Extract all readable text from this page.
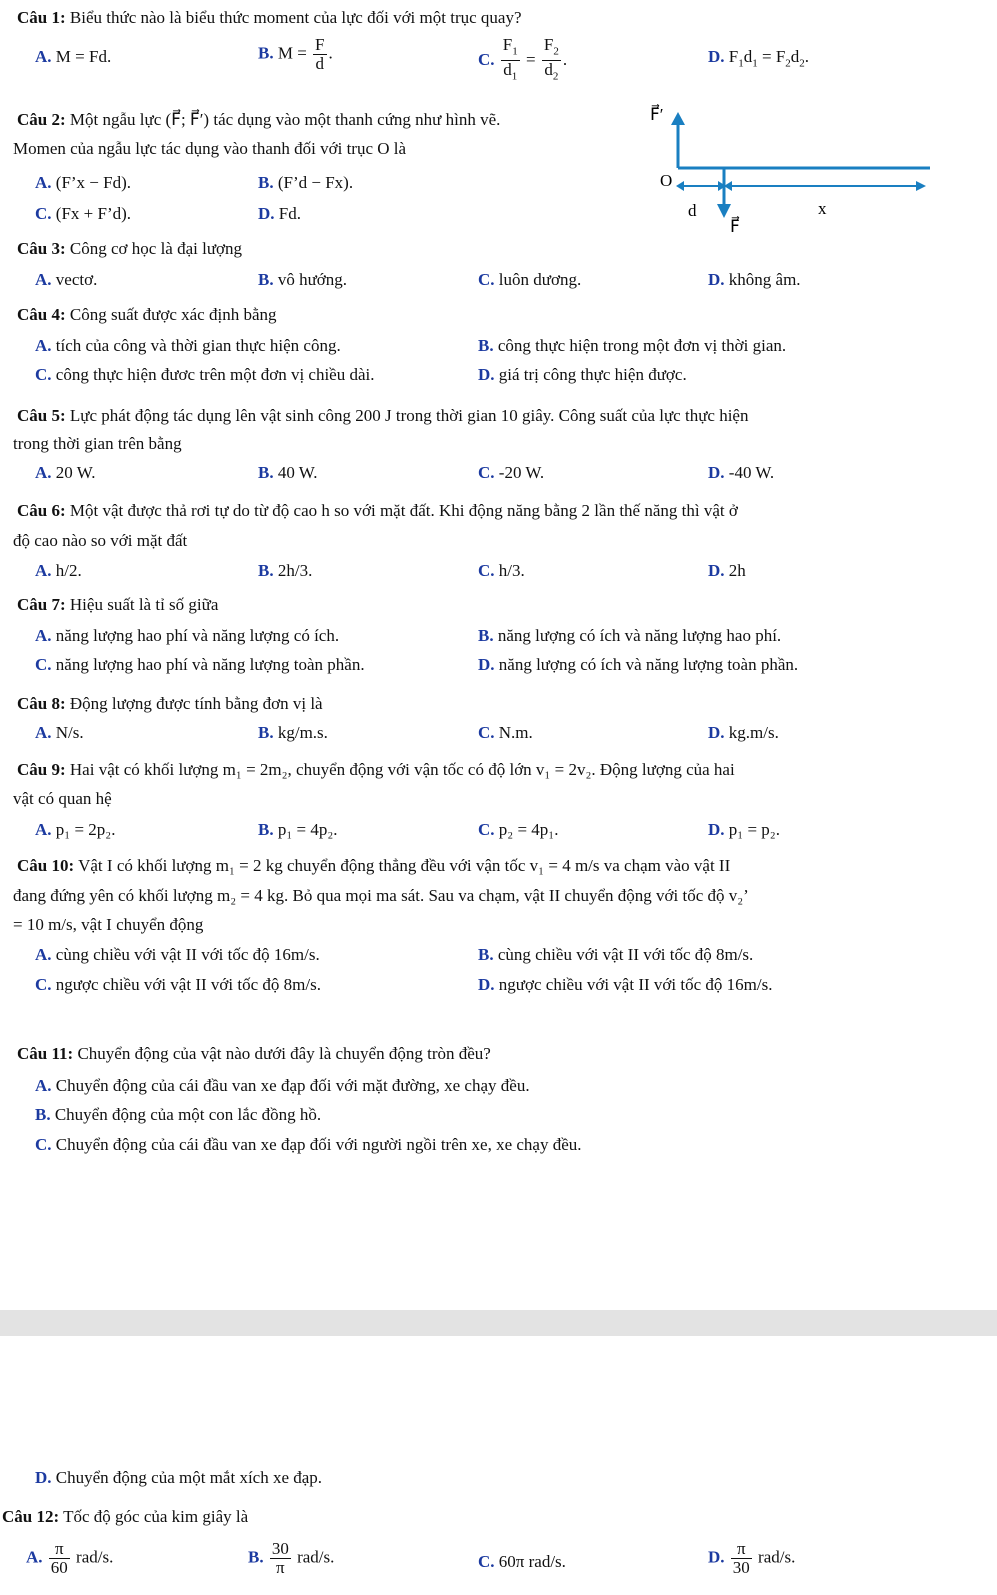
Câu 1: Biểu thức nào là biểu thức moment của lực đối với một trục quay?
A. M = Fd.	B. $M = \frac{F}{d}$ .	C. $\frac{F_1}{d_1} = \frac{F_2}{d_2}$ .	D. $F_1d_1 = F_2d_2$.
Câu 2: Một ngẫu lực (F⃗; F⃗′) tác dụng vào một thanh cứng như hình vẽ.
Momen của ngẫu lực tác dụng vào thanh đối với trục O là
A. (F’x − Fd).	B. (F’d − Fx).
C. (Fx + F’d).	D. Fd.
F⃗′
O
d
F⃗
x
Câu 3: Công cơ học là đại lượng
A. vectơ.	B. vô hướng.	C. luôn dương.	D. không âm.
Câu 4: Công suất được xác định bằng
A. tích của công và thời gian thực hiện công.	B. công thực hiện trong một đơn vị thời gian.
C. công thực hiện đươc trên một đơn vị chiều dài.	D. giá trị công thực hiện được.
Câu 5: Lực phát động tác dụng lên vật sinh công 200 J trong thời gian 10 giây. Công suất của lực thực hiện
trong thời gian trên bằng
A. 20 W.	B. 40 W.	C. -20 W.	D. -40 W.
Câu 6: Một vật được thả rơi tự do từ độ cao h so với mặt đất. Khi động năng bằng 2 lần thế năng thì vật ở
độ cao nào so với mặt đất
A. h/2.	B. 2h/3.	C. h/3.	D. 2h
Câu 7: Hiệu suất là tỉ số giữa
A. năng lượng hao phí và năng lượng có ích.	B. năng lượng có ích và năng lượng hao phí.
C. năng lượng hao phí và năng lượng toàn phần.	D. năng lượng có ích và năng lượng toàn phần.
Câu 8: Động lượng được tính bằng đơn vị là
A. N/s.	B. kg/m.s.	C. N.m.	D. kg.m/s.
Câu 9: Hai vật có khối lượng m₁ = 2m₂, chuyển động với vận tốc có độ lớn v₁ = 2v₂. Động lượng của hai
vật có quan hệ
A. p₁ = 2p₂.	B. p₁ = 4p₂.	C. p₂ = 4p₁.	D. p₁ = p₂.
Câu 10: Vật I có khối lượng m₁ = 2 kg chuyển động thẳng đều với vận tốc v₁ = 4 m/s va chạm vào vật II
đang đứng yên có khối lượng m₂ = 4 kg. Bỏ qua mọi ma sát. Sau va chạm, vật II chuyển động với tốc độ v₂’
= 10 m/s, vật I chuyển động
A. cùng chiều với vật II với tốc độ 16m/s.	B. cùng chiều với vật II với tốc độ 8m/s.
C. ngược chiều với vật II với tốc độ 8m/s.	D. ngược chiều với vật II với tốc độ 16m/s.
Câu 11: Chuyển động của vật nào dưới đây là chuyển động tròn đều?
A. Chuyển động của cái đầu van xe đạp đối với mặt đường, xe chạy đều.
B. Chuyển động của một con lắc đồng hồ.
C. Chuyển động của cái đầu van xe đạp đối với người ngồi trên xe, xe chạy đều.
D. Chuyển động của một mắt xích xe đạp.
Câu 12: Tốc độ góc của kim giây là
A. $\frac{\pi}{60} rad/s$.	B. $\frac{30}{\pi} rad/s$.	C. 60π rad/s.	D. $\frac{\pi}{30} rad/s$.
